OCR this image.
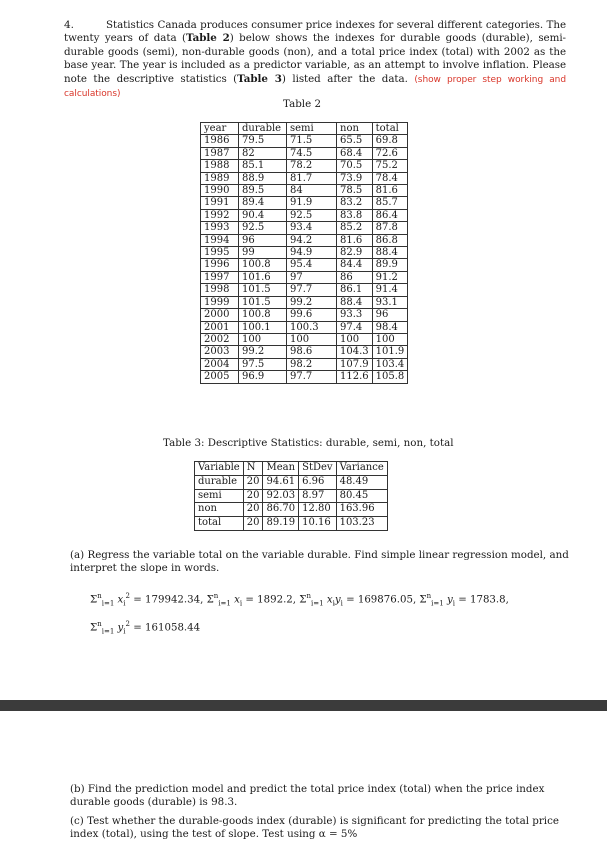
4.	Statistics Canada produces consumer price indexes for several different categories. The twenty years of data (Table 2) below shows the indexes for durable goods (durable), semi-durable goods (semi), non-durable goods (non), and a total price index (total) with 2002 as the base year. The year is included as a predictor variable, as an attempt to involve inflation. Please note the descriptive statistics (Table 3) listed after the data. (show proper step working and calculations)
Table 2
year	durable	semi	non	total
1986	79.5	71.5	65.5	69.8
1987	82	74.5	68.4	72.6
1988	85.1	78.2	70.5	75.2
1989	88.9	81.7	73.9	78.4
1990	89.5	84	78.5	81.6
1991	89.4	91.9	83.2	85.7
1992	90.4	92.5	83.8	86.4
1993	92.5	93.4	85.2	87.8
1994	96	94.2	81.6	86.8
1995	99	94.9	82.9	88.4
1996	100.8	95.4	84.4	89.9
1997	101.6	97	86	91.2
1998	101.5	97.7	86.1	91.4
1999	101.5	99.2	88.4	93.1
2000	100.8	99.6	93.3	96
2001	100.1	100.3	97.4	98.4
2002	100	100	100	100
2003	99.2	98.6	104.3	101.9
2004	97.5	98.2	107.9	103.4
2005	96.9	97.7	112.6	105.8
Table 3: Descriptive Statistics: durable, semi, non, total
Variable	N	Mean	StDev	Variance
durable	20	94.61	6.96	48.49
semi	20	92.03	8.97	80.45
non	20	86.70	12.80	163.96
total	20	89.19	10.16	103.23
(a) Regress the variable total on the variable durable. Find simple linear regression model, and interpret the slope in words.
$\Sigma^n_{i=1}$ $x_i^2 = 179942.34$, $\Sigma^n_{i=1}$ $x_i = 1892.2$, $\Sigma^n_{i=1}$ $x_iy_i = 169876.05$, $\Sigma^n_{i=1}$ $y_i = 1783.8$,
$\Sigma^n_{i=1}$ $y_i^2 = 161058.44$
(b) Find the prediction model and predict the total price index (total) when the price index durable goods (durable) is 98.3.
(c) Test whether the durable-goods index (durable) is significant for predicting the total price index (total), using the test of slope. Test using α = 5%
